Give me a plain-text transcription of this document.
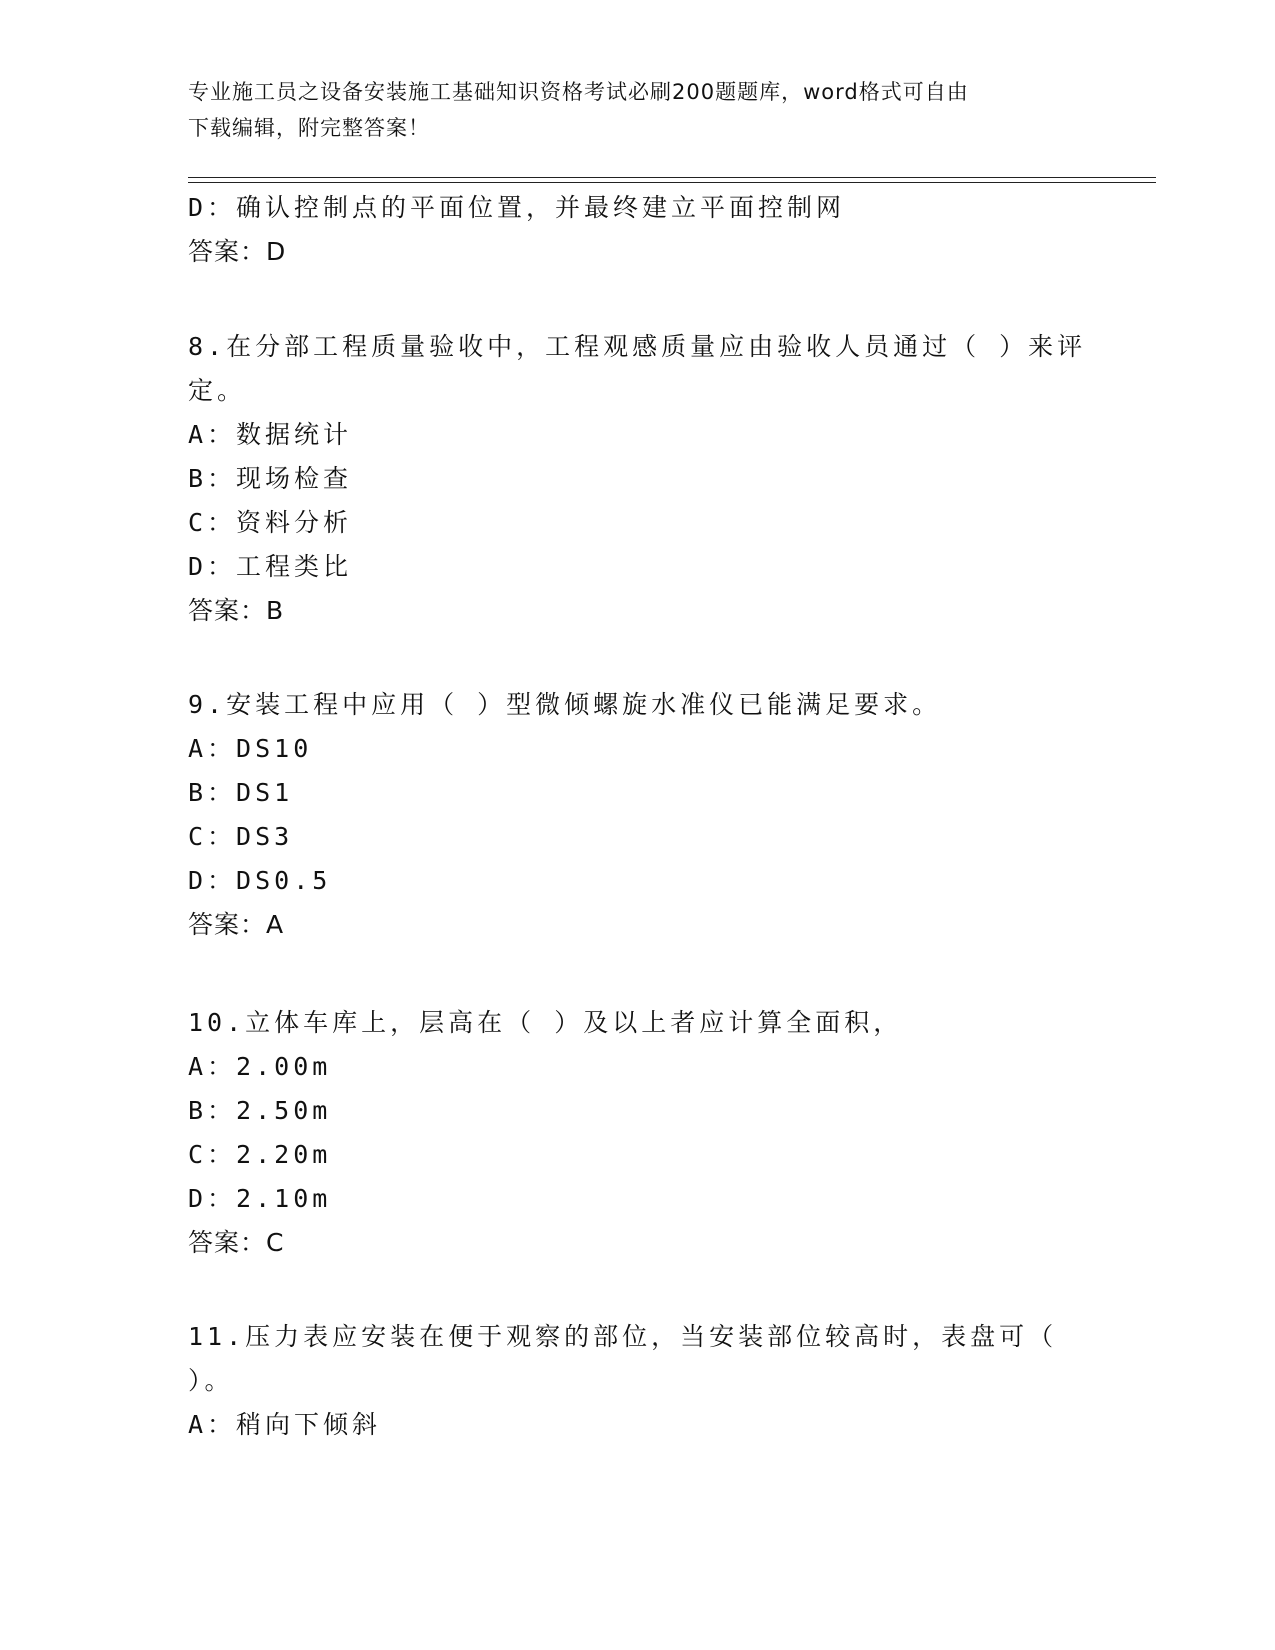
专业施工员之设备安装施工基础知识资格考试必刷200题题库，word格式可自由
下载编辑，附完整答案！
D：确认控制点的平面位置，并最终建立平面控制网
答案：D
8.在分部工程质量验收中，工程观感质量应由验收人员通过（ ）来评
定。
A：数据统计
B：现场检查
C：资料分析
D：工程类比
答案：B
9.安装工程中应用（ ）型微倾螺旋水准仪已能满足要求。
A：DS10
B：DS1
C：DS3
D：DS0.5
答案：A
10.立体车库上，层高在（ ）及以上者应计算全面积，
A：2.00m
B：2.50m
C：2.20m
D：2.10m
答案：C
11.压力表应安装在便于观察的部位，当安装部位较高时，表盘可（
）。
A：稍向下倾斜
